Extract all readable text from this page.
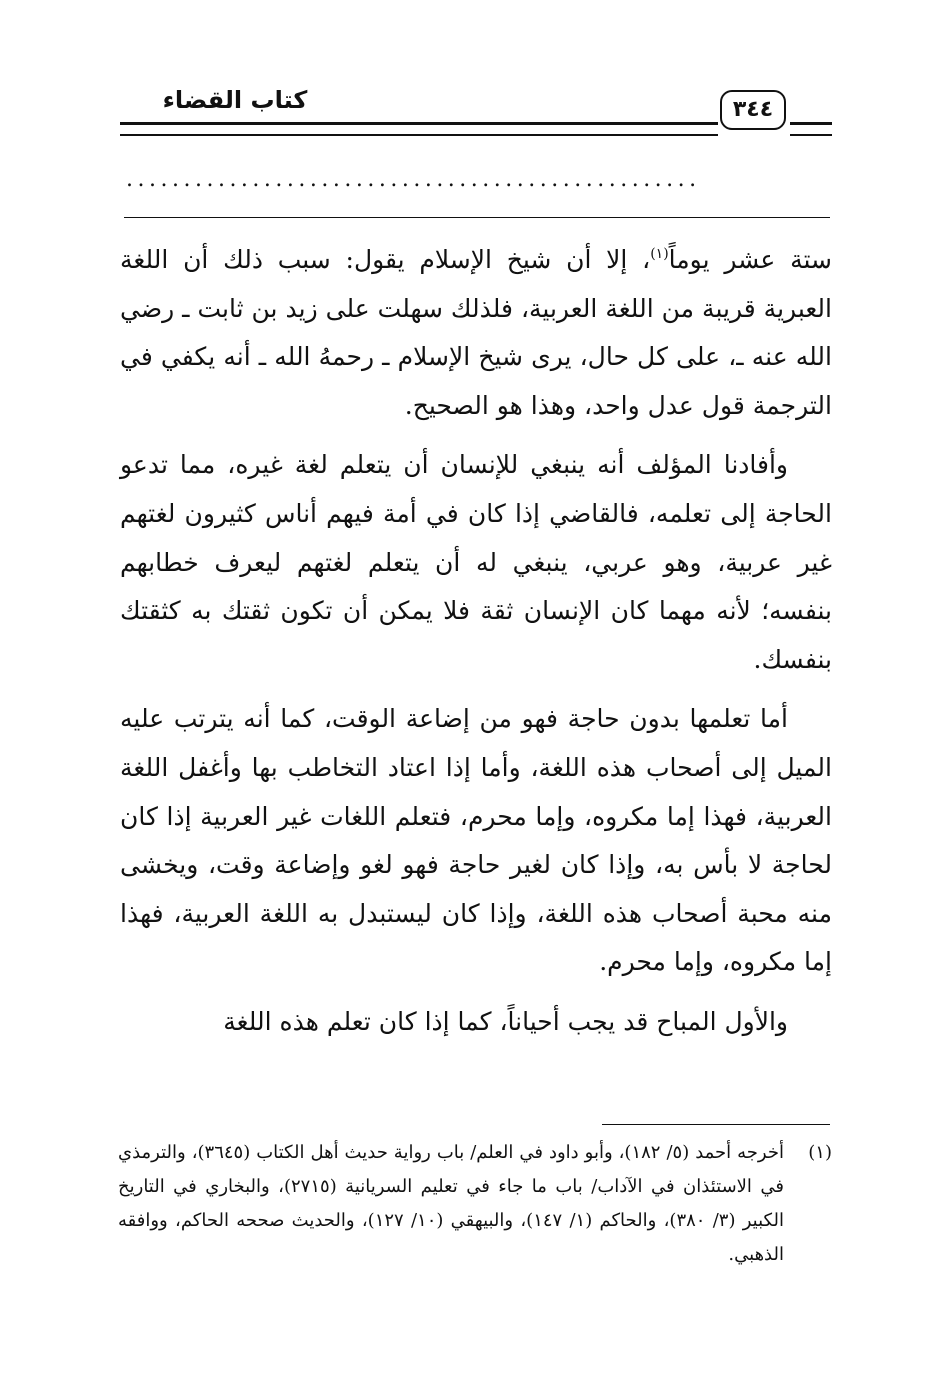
كتاب القضاء	٣٤٤
..................................................

ستة عشر يوماً$^{(١)}$، إلا أن شيخ الإسلام يقول: سبب ذلك أن اللغة العبرية قريبة من اللغة العربية، فلذلك سهلت على زيد بن ثابت ـ رضي الله عنه ـ، على كل حال، يرى شيخ الإسلام ـ رحمهُ الله ـ أنه يكفي في الترجمة قول عدل واحد، وهذا هو الصحيح.

وأفادنا المؤلف أنه ينبغي للإنسان أن يتعلم لغة غيره، مما تدعو الحاجة إلى تعلمه، فالقاضي إذا كان في أمة فيهم أناس كثيرون لغتهم غير عربية، وهو عربي، ينبغي له أن يتعلم لغتهم ليعرف خطابهم بنفسه؛ لأنه مهما كان الإنسان ثقة فلا يمكن أن تكون ثقتك به كثقتك بنفسك.

أما تعلمها بدون حاجة فهو من إضاعة الوقت، كما أنه يترتب عليه الميل إلى أصحاب هذه اللغة، وأما إذا اعتاد التخاطب بها وأغفل اللغة العربية، فهذا إما مكروه، وإما محرم، فتعلم اللغات غير العربية إذا كان لحاجة لا بأس به، وإذا كان لغير حاجة فهو لغو وإضاعة وقت، ويخشى منه محبة أصحاب هذه اللغة، وإذا كان ليستبدل به اللغة العربية، فهذا إما مكروه، وإما محرم.

والأول المباح قد يجب أحياناً، كما إذا كان تعلم هذه اللغة

(١)
أخرجه أحمد (٥/ ١٨٢)، وأبو داود في العلم/ باب رواية حديث أهل الكتاب (٣٦٤٥)، والترمذي في الاستئذان في الآداب/ باب ما جاء في تعليم السريانية (٢٧١٥)، والبخاري في التاريخ الكبير (٣/ ٣٨٠)، والحاكم (١/ ١٤٧)، والبيهقي (١٠/ ١٢٧)، والحديث صححه الحاكم، ووافقه الذهبي.
